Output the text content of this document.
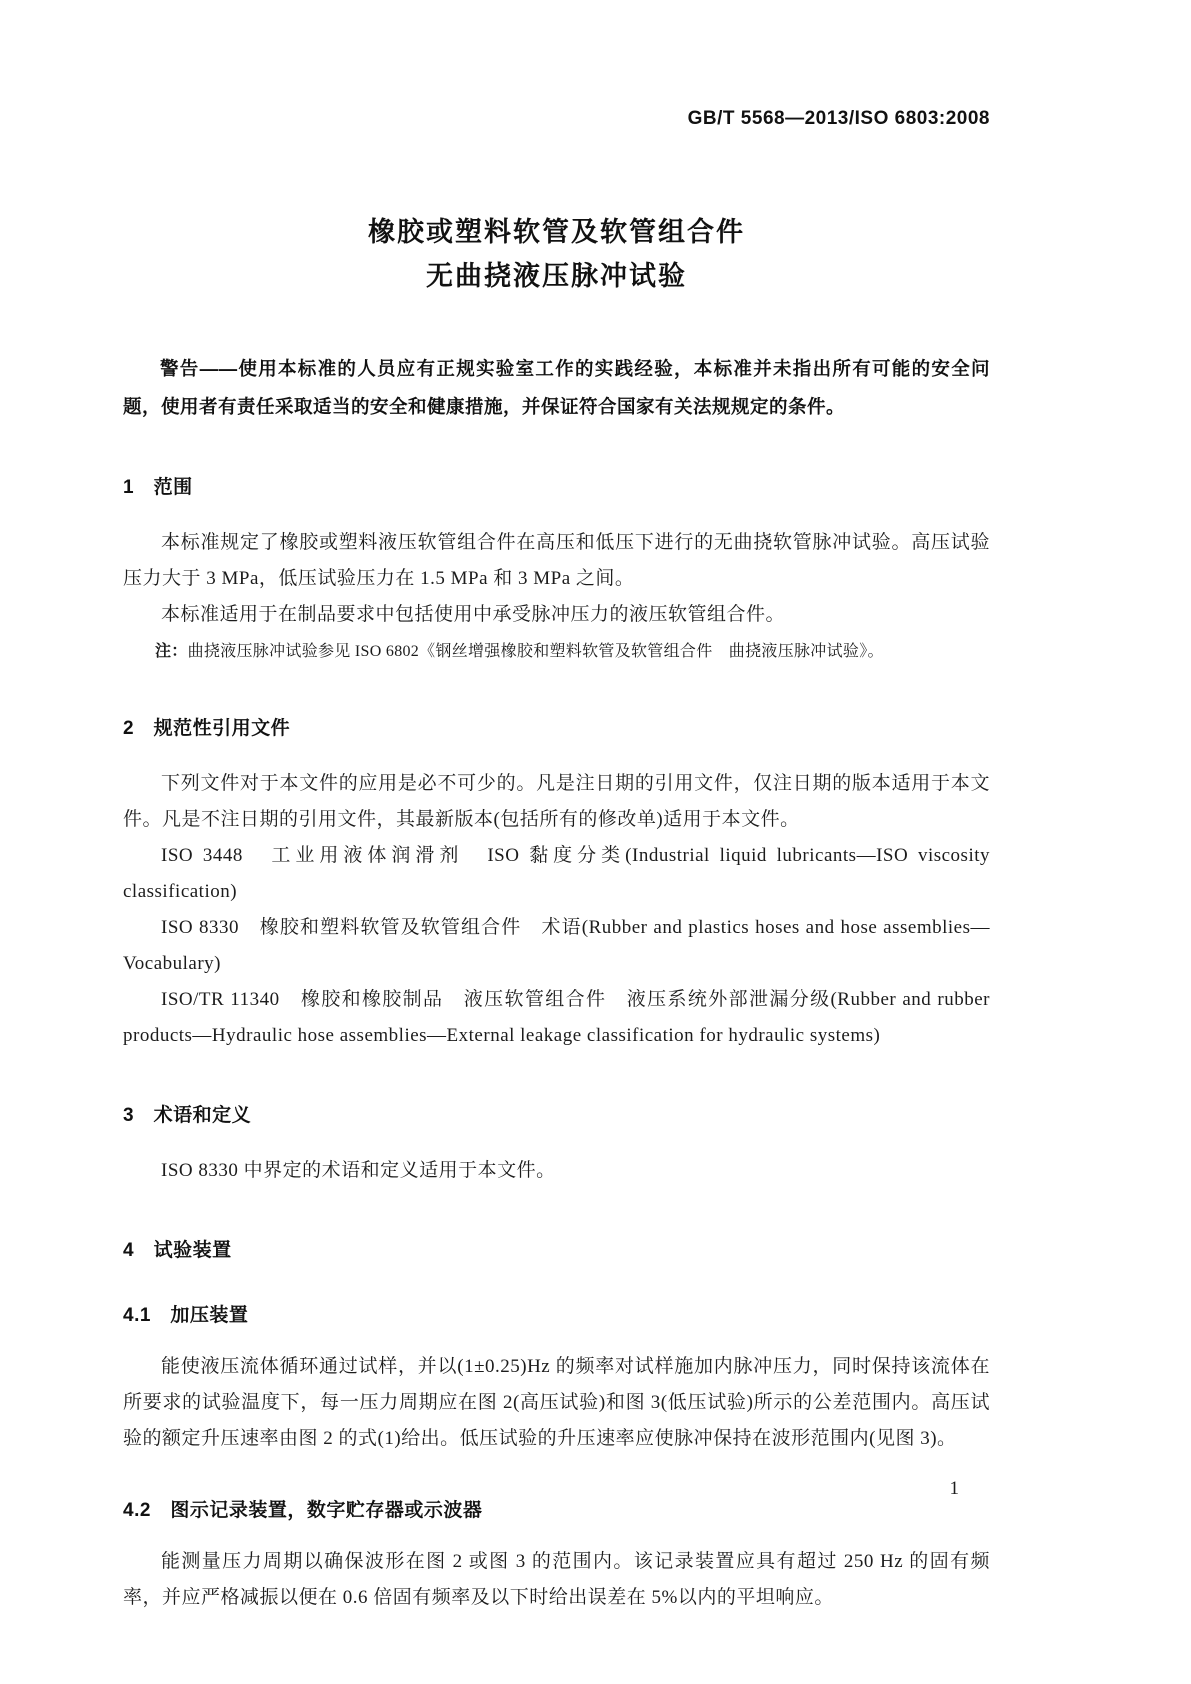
GB/T 5568—2013/ISO 6803:2008
橡胶或塑料软管及软管组合件
无曲挠液压脉冲试验

警告——使用本标准的人员应有正规实验室工作的实践经验，本标准并未指出所有可能的安全问题，使用者有责任采取适当的安全和健康措施，并保证符合国家有关法规规定的条件。

1　范围

本标准规定了橡胶或塑料液压软管组合件在高压和低压下进行的无曲挠软管脉冲试验。高压试验压力大于 3 MPa，低压试验压力在 1.5 MPa 和 3 MPa 之间。

本标准适用于在制品要求中包括使用中承受脉冲压力的液压软管组合件。

注：曲挠液压脉冲试验参见 ISO 6802《钢丝增强橡胶和塑料软管及软管组合件　曲挠液压脉冲试验》。

2　规范性引用文件

下列文件对于本文件的应用是必不可少的。凡是注日期的引用文件，仅注日期的版本适用于本文件。凡是不注日期的引用文件，其最新版本(包括所有的修改单)适用于本文件。

ISO 3448　工业用液体润滑剂　ISO 黏度分类(Industrial liquid lubricants—ISO viscosity classification)

ISO 8330　橡胶和塑料软管及软管组合件　术语(Rubber and plastics hoses and hose assemblies—Vocabulary)

ISO/TR 11340　橡胶和橡胶制品　液压软管组合件　液压系统外部泄漏分级(Rubber and rubber products—Hydraulic hose assemblies—External leakage classification for hydraulic systems)

3　术语和定义

ISO 8330 中界定的术语和定义适用于本文件。

4　试验装置
4.1　加压装置

能使液压流体循环通过试样，并以(1±0.25)Hz 的频率对试样施加内脉冲压力，同时保持该流体在所要求的试验温度下，每一压力周期应在图 2(高压试验)和图 3(低压试验)所示的公差范围内。高压试验的额定升压速率由图 2 的式(1)给出。低压试验的升压速率应使脉冲保持在波形范围内(见图 3)。

4.2　图示记录装置，数字贮存器或示波器

能测量压力周期以确保波形在图 2 或图 3 的范围内。该记录装置应具有超过 250 Hz 的固有频率，并应严格减振以便在 0.6 倍固有频率及以下时给出误差在 5%以内的平坦响应。

1
